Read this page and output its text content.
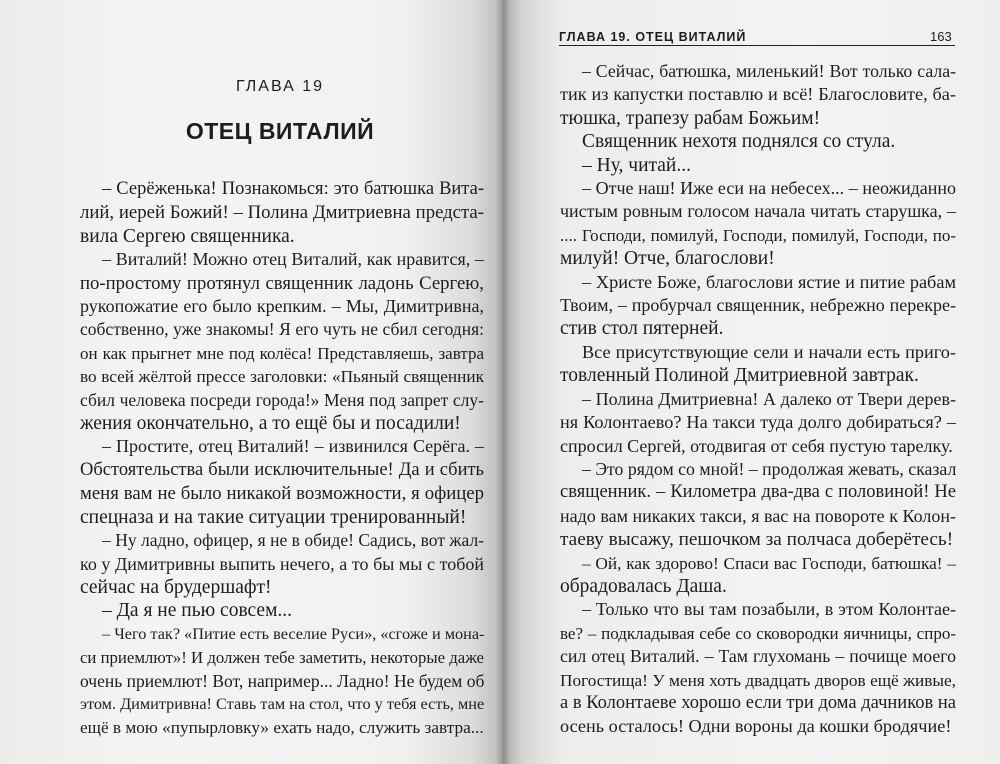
ГЛАВА 19
ОТЕЦ ВИТАЛИЙ

– Серёженька! Познакомься: это батюшка Вита-

лий, иерей Божий! – Полина Дмитриевна предста-

вила Сергею священника.

– Виталий! Можно отец Виталий, как нравится, –

по-простому протянул священник ладонь Сергею,

рукопожатие его было крепким. – Мы, Димитривна,

собственно, уже знакомы! Я его чуть не сбил сегодня:

он как прыгнет мне под колёса! Представляешь, завтра

во всей жёлтой прессе заголовки: «Пьяный священник

сбил человека посреди города!» Меня под запрет слу-

жения окончательно, а то ещё бы и посадили!

– Простите, отец Виталий! – извинился Серёга. –

Обстоятельства были исключительные! Да и сбить

меня вам не было никакой возможности, я офицер

спецназа и на такие ситуации тренированный!

– Ну ладно, офицер, я не в обиде! Садись, вот жал-

ко у Димитривны выпить нечего, а то бы мы с тобой

сейчас на брудершафт!

– Да я не пью совсем...

– Чего так? «Питие есть веселие Руси», «сгоже и мона-

си приемлют»! И должен тебе заметить, некоторые даже

очень приемлют! Вот, например... Ладно! Не будем об

этом. Димитривна! Ставь там на стол, что у тебя есть, мне

ещё в мою «пупырловку» ехать надо, служить завтра...

ГЛАВА 19. ОТЕЦ ВИТАЛИЙ	163

– Сейчас, батюшка, миленький! Вот только сала-

тик из капустки поставлю и всё! Благословите, ба-

тюшка, трапезу рабам Божьим!

Священник нехотя поднялся со стула.

– Ну, читай...

– Отче наш! Иже еси на небесех... – неожиданно

чистым ровным голосом начала читать старушка, –

.... Господи, помилуй, Господи, помилуй, Господи, по-

милуй! Отче, благослови!

– Христе Боже, благослови ястие и питие рабам

Твоим, – пробурчал священник, небрежно перекре-

стив стол пятерней.

Все присутствующие сели и начали есть приго-

товленный Полиной Дмитриевной завтрак.

– Полина Дмитриевна! А далеко от Твери дерев-

ня Колонтаево? На такси туда долго добираться? –

спросил Сергей, отодвигая от себя пустую тарелку.

– Это рядом со мной! – продолжая жевать, сказал

священник. – Километра два-два с половиной! Не

надо вам никаких такси, я вас на повороте к Колон-

таеву высажу, пешочком за полчаса доберётесь!

– Ой, как здорово! Спаси вас Господи, батюшка! –

обрадовалась Даша.

– Только что вы там позабыли, в этом Колонтае-

ве? – подкладывая себе со сковородки яичницы, спро-

сил отец Виталий. – Там глухомань – почище моего

Погостища! У меня хоть двадцать дворов ещё живые,

а в Колонтаеве хорошо если три дома дачников на

осень осталось! Одни вороны да кошки бродячие!
